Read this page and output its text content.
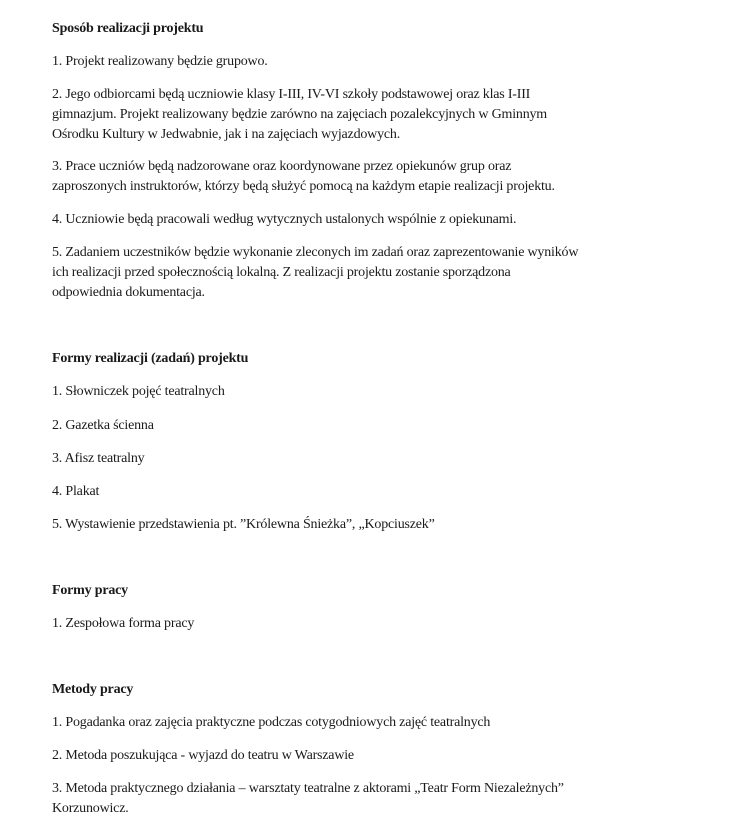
Sposób realizacji projektu
1. Projekt realizowany będzie grupowo.
2. Jego odbiorcami będą uczniowie klasy I-III, IV-VI szkoły podstawowej oraz klas I-III
gimnazjum. Projekt realizowany będzie zarówno na zajęciach pozalekcyjnych w Gminnym
Ośrodku Kultury w Jedwabnie, jak i na zajęciach wyjazdowych.
3. Prace uczniów będą nadzorowane oraz koordynowane przez opiekunów grup oraz
zaproszonych instruktorów, którzy będą służyć pomocą na każdym etapie realizacji projektu.
4. Uczniowie będą pracowali według wytycznych ustalonych wspólnie z opiekunami.
5. Zadaniem uczestników będzie wykonanie zleconych im zadań oraz zaprezentowanie wyników
ich realizacji przed społecznością lokalną. Z realizacji projektu zostanie sporządzona
odpowiednia dokumentacja.
Formy realizacji (zadań) projektu
1. Słowniczek pojęć teatralnych
2. Gazetka ścienna
3. Afisz teatralny
4. Plakat
5. Wystawienie przedstawienia pt. ”Królewna Śnieżka”, „Kopciuszek”
Formy pracy
1. Zespołowa forma pracy
Metody pracy
1. Pogadanka oraz zajęcia praktyczne podczas cotygodniowych zajęć teatralnych
2. Metoda poszukująca - wyjazd do teatru w Warszawie
3. Metoda praktycznego działania – warsztaty teatralne z aktorami „Teatr Form Niezależnych”
Korzunowicz.
